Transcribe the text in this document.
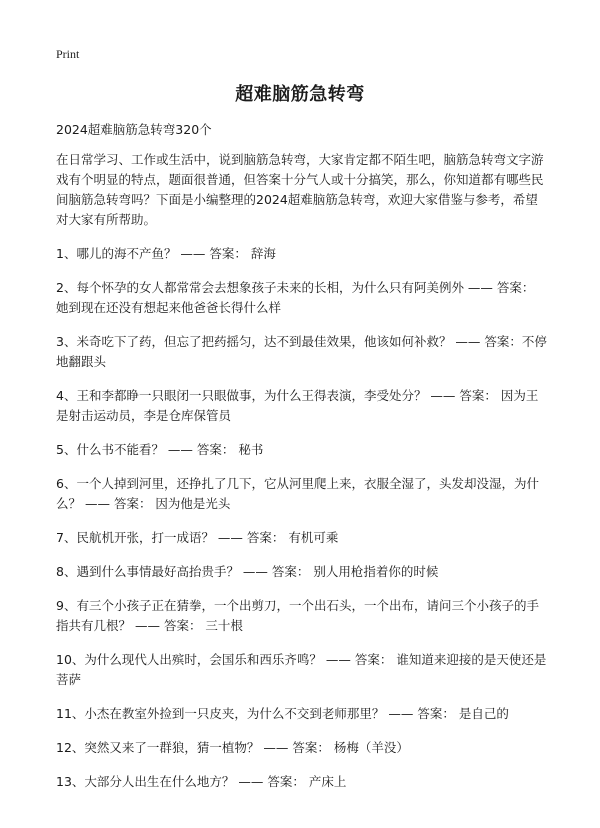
Print
超难脑筋急转弯

2024超难脑筋急转弯320个

在日常学习、工作或生活中，说到脑筋急转弯，大家肯定都不陌生吧，脑筋急转弯文字游戏有个明显的特点，题面很普通，但答案十分气人或十分搞笑，那么，你知道都有哪些民间脑筋急转弯吗？下面是小编整理的2024超难脑筋急转弯，欢迎大家借鉴与参考，希望对大家有所帮助。

1、哪儿的海不产鱼？ —— 答案： 辞海

2、每个怀孕的女人都常常会去想象孩子未来的长相，为什么只有阿美例外 —— 答案： 她到现在还没有想起来他爸爸长得什么样

3、米奇吃下了药，但忘了把药摇匀，达不到最佳效果，他该如何补救？ —— 答案：不停地翻跟头

4、王和李都睁一只眼闭一只眼做事，为什么王得表演，李受处分？ —— 答案： 因为王是射击运动员，李是仓库保管员

5、什么书不能看？ —— 答案： 秘书

6、一个人掉到河里，还挣扎了几下，它从河里爬上来，衣服全湿了，头发却没湿，为什么？ —— 答案： 因为他是光头

7、民航机开张，打一成语？ —— 答案： 有机可乘

8、遇到什么事情最好高抬贵手？ —— 答案： 别人用枪指着你的时候

9、有三个小孩子正在猜拳，一个出剪刀，一个出石头，一个出布，请问三个小孩子的手指共有几根？ —— 答案： 三十根

10、为什么现代人出殡时，会国乐和西乐齐鸣？ —— 答案： 谁知道来迎接的是天使还是菩萨

11、小杰在教室外捡到一只皮夹，为什么不交到老师那里？ —— 答案： 是自己的

12、突然又来了一群狼，猜一植物？ —— 答案： 杨梅（羊没）

13、大部分人出生在什么地方？ —— 答案： 产床上
